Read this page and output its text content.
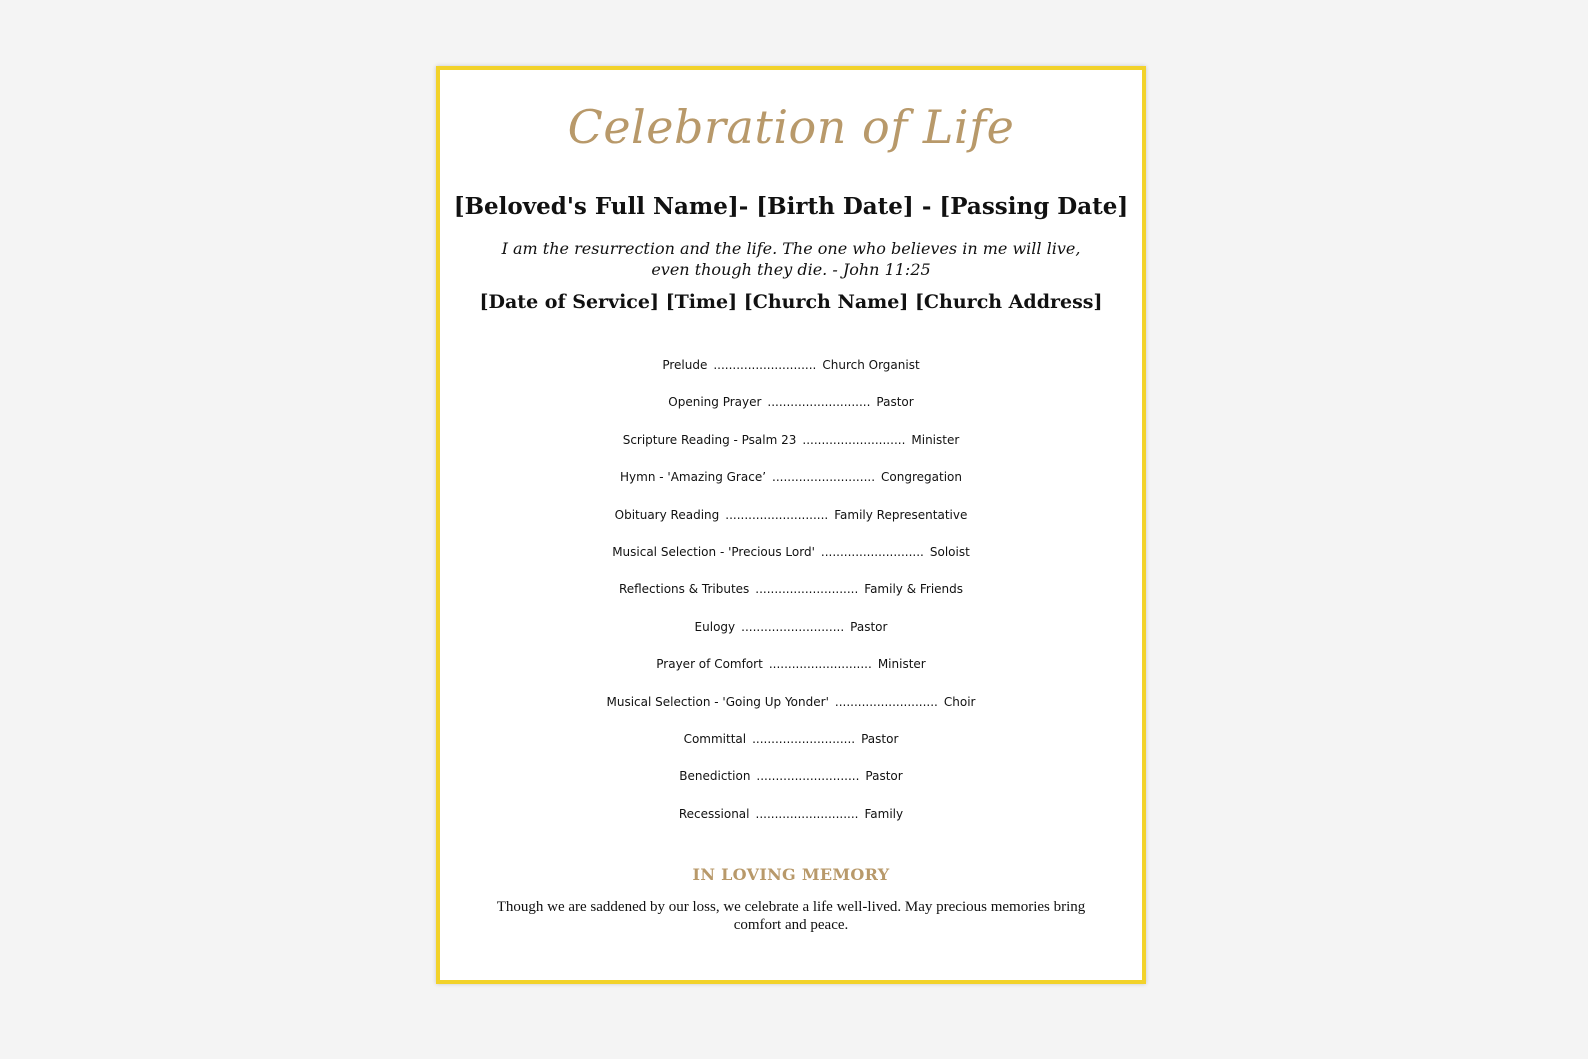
Celebration of Life
[Beloved's Full Name]- [Birth Date] - [Passing Date]
I am the resurrection and the life. The one who believes in me will live, even though they die. - John 11:25
[Date of Service] [Time] [Church Name] [Church Address]
Prelude ........................... Church Organist
Opening Prayer ........................... Pastor
Scripture Reading - Psalm 23 ........................... Minister
Hymn - 'Amazing Grace’ ........................... Congregation
Obituary Reading ........................... Family Representative
Musical Selection - 'Precious Lord' ........................... Soloist
Reflections & Tributes ........................... Family & Friends
Eulogy ........................... Pastor
Prayer of Comfort ........................... Minister
Musical Selection - 'Going Up Yonder' ........................... Choir
Committal ........................... Pastor
Benediction ........................... Pastor
Recessional ........................... Family
IN LOVING MEMORY
Though we are saddened by our loss, we celebrate a life well-lived. May precious memories bring comfort and peace.
